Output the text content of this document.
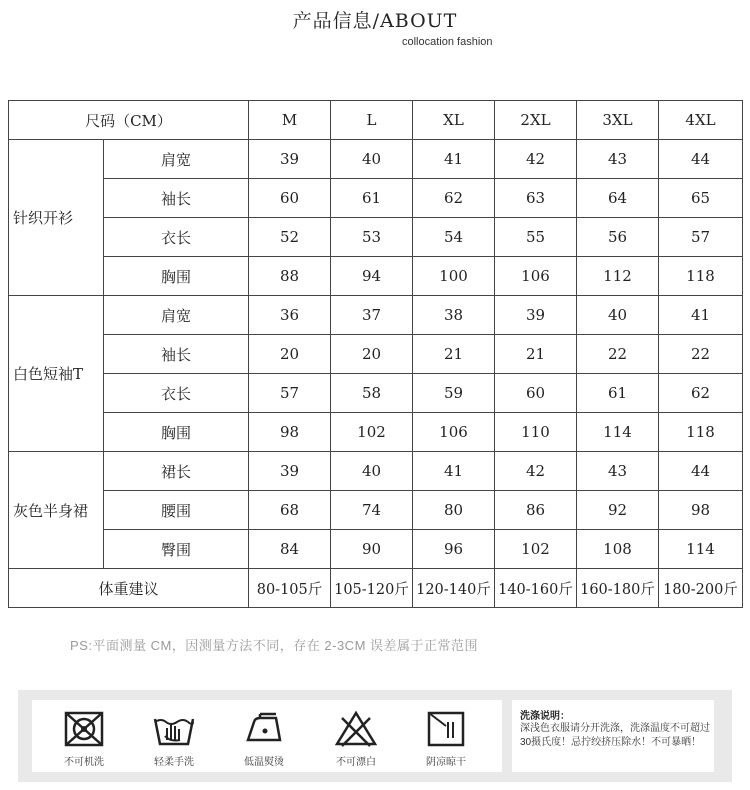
产品信息/ABOUT
collocation fashion
尺码（CM）		M	L	XL	2XL	3XL	4XL
针织开衫	肩宽	39	40	41	42	43	44
	袖长	60	61	62	63	64	65
	衣长	52	53	54	55	56	57
	胸围	88	94	100	106	112	118
白色短袖T	肩宽	36	37	38	39	40	41
	袖长	20	20	21	21	22	22
	衣长	57	58	59	60	61	62
	胸围	98	102	106	110	114	118
灰色半身裙	裙长	39	40	41	42	43	44
	腰围	68	74	80	86	92	98
	臀围	84	90	96	102	108	114
体重建议		80-105斤	105-120斤	120-140斤	140-160斤	160-180斤	180-200斤
PS:平面测量 CM，因测量方法不同，存在 2-3CM 误差属于正常范围
不可机洗	轻柔手洗	低温熨烫	不可漂白	阴凉晾干
洗涤说明：
深浅色衣服请分开洗涤，洗涤温度不可超过30摄氏度！忌拧绞挤压除水！不可暴晒！
